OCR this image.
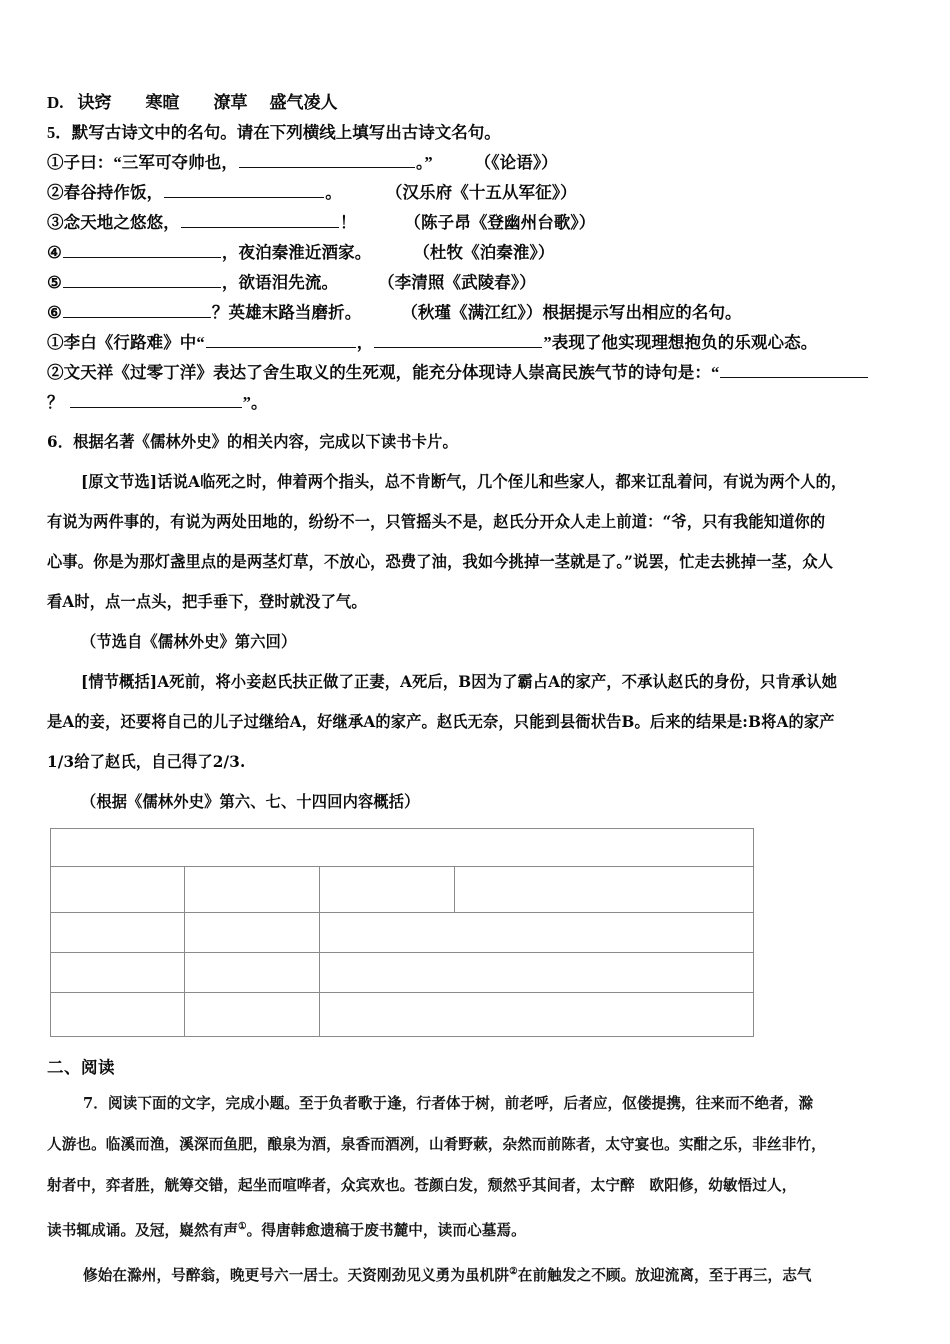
D. 诀窍 寒暄 潦草 盛气凌人
5．默写古诗文中的名句。请在下列横线上填写出古诗文名句。
①子曰：“三军可夺帅也，	。”	（《论语》）
②春谷持作饭，	。	（汉乐府《十五从军征》）
③念天地之悠悠，	！	（陈子昂《登幽州台歌》）
④	，夜泊秦淮近酒家。	（杜牧《泊秦淮》）
⑤	，欲语泪先流。 （李清照《武陵春》）
⑥	？英雄末路当磨折。 （秋瑾《满江红》）根据提示写出相应的名句。
①李白《行路难》中“	，	”表现了他实现理想抱负的乐观心态。
②文天祥《过零丁洋》表达了舍生取义的生死观，能充分体现诗人崇高民族气节的诗句是：“
？	”。
6．根据名著《儒林外史》的相关内容，完成以下读书卡片。
[原文节选]话说A临死之时，伸着两个指头，总不肯断气，几个侄儿和些家人，都来讧乱着问，有说为两个人的，
有说为两件事的，有说为两处田地的，纷纷不一，只管摇头不是，赵氏分开众人走上前道：“爷，只有我能知道你的
心事。你是为那灯盏里点的是两茎灯草，不放心，恐费了油，我如今挑掉一茎就是了。”说罢，忙走去挑掉一茎，众人
看A时，点一点头，把手垂下，登时就没了气。
（节选自《儒林外史》第六回）
[情节概括]A死前，将小妾赵氏扶正做了正妻，A死后，B因为了霸占A的家产，不承认赵氏的身份，只肯承认她
是A的妾，还要将自己的儿子过继给A，好继承A的家产。赵氏无奈，只能到县衙状告B。后来的结果是:B将A的家产
1/3给了赵氏，自己得了2/3.
（根据《儒林外史》第六、七、十四回内容概括）

二、阅读
7．阅读下面的文字，完成小题。至于负者歌于逢，行者体于树，前老呼，后者应，伛偻提携，往来而不绝者，滁
人游也。临溪而渔，溪深而鱼肥，酿泉为酒，泉香而酒冽，山肴野蔌，杂然而前陈者，太守宴也。实酣之乐，非丝非竹，
射者中，弈者胜，觥筹交错，起坐而喧哗者，众宾欢也。苍颜白发，颓然乎其间者，太宁醉　欧阳修，幼敏悟过人，
读书辄成诵。及冠，嶷然有声①。得唐韩愈遗稿于废书麓中，读而心墓焉。
修始在滁州，号醉翁，晚更号六一居士。天资刚劲见义勇为虽机阱②在前触发之不顾。放迎流离，至于再三，志气
